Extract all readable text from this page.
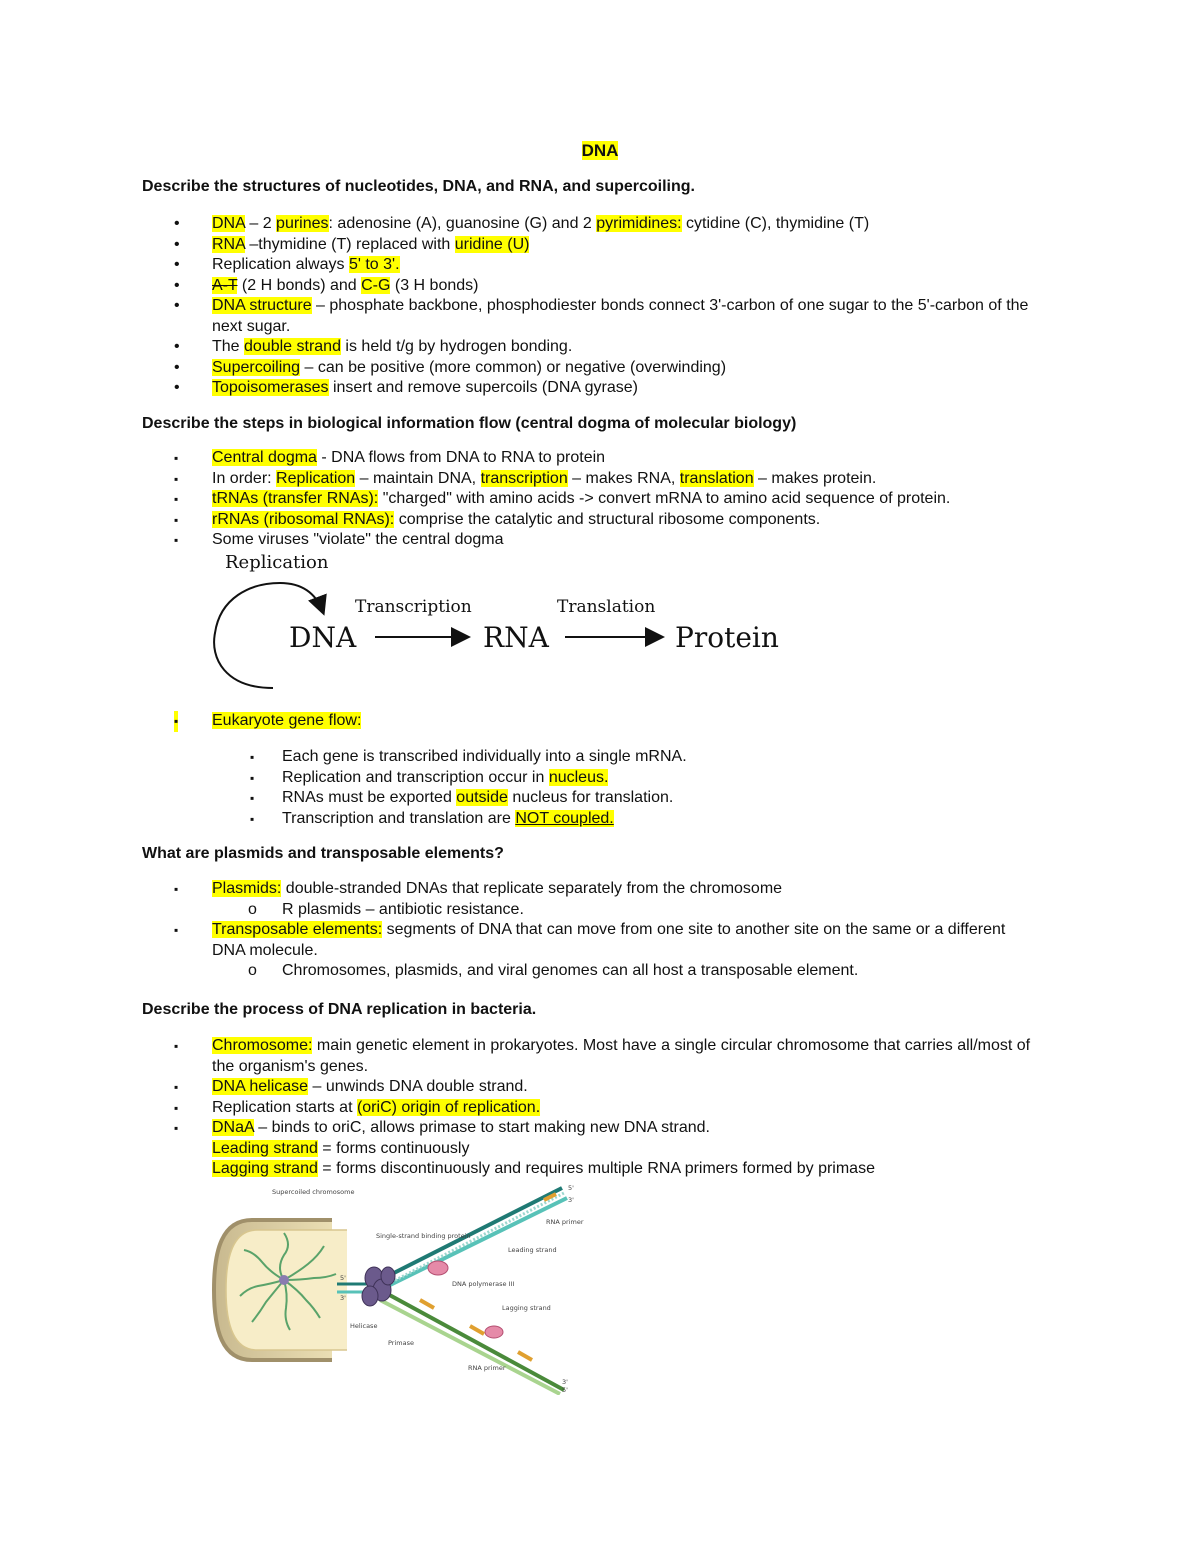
DNA
Describe the structures of nucleotides, DNA, and RNA, and supercoiling.
• DNA – 2 purines: adenosine (A), guanosine (G) and 2 pyrimidines: cytidine (C), thymidine (T)
• RNA –thymidine (T) replaced with uridine (U)
• Replication always 5' to 3'.
• A-T (2 H bonds) and C-G (3 H bonds)
• DNA structure – phosphate backbone, phosphodiester bonds connect 3'-carbon of one sugar to the 5'-carbon of the next sugar.
• The double strand is held t/g by hydrogen bonding.
• Supercoiling – can be positive (more common) or negative (overwinding)
• Topoisomerases insert and remove supercoils (DNA gyrase)
Describe the steps in biological information flow (central dogma of molecular biology)
▪ Central dogma - DNA flows from DNA to RNA to protein
▪ In order: Replication – maintain DNA, transcription – makes RNA, translation – makes protein.
▪ tRNAs (transfer RNAs): "charged" with amino acids -> convert mRNA to amino acid sequence of protein.
▪ rRNAs (ribosomal RNAs): comprise the catalytic and structural ribosome components.
▪ Some viruses "violate" the central dogma
Replication
Transcription	Translation
DNA	RNA	Protein
▪ Eukaryote gene flow:
▪ Each gene is transcribed individually into a single mRNA.
▪ Replication and transcription occur in nucleus.
▪ RNAs must be exported outside nucleus for translation.
▪ Transcription and translation are NOT coupled.
What are plasmids and transposable elements?
▪ Plasmids: double-stranded DNAs that replicate separately from the chromosome
o R plasmids – antibiotic resistance.
▪ Transposable elements: segments of DNA that can move from one site to another site on the same or a different DNA molecule.
o Chromosomes, plasmids, and viral genomes can all host a transposable element.
Describe the process of DNA replication in bacteria.
▪ Chromosome: main genetic element in prokaryotes. Most have a single circular chromosome that carries all/most of the organism's genes.
▪ DNA helicase – unwinds DNA double strand.
▪ Replication starts at (oriC) origin of replication.
▪ DNaA – binds to oriC, allows primase to start making new DNA strand.
Leading strand = forms continuously
Lagging strand = forms discontinuously and requires multiple RNA primers formed by primase
Supercoiled chromosome
Single-strand binding protein
RNA primer
Leading strand
DNA polymerase III
Helicase
Lagging strand
Primase
RNA primer
5'
3'
5'
3'
3'
5'
